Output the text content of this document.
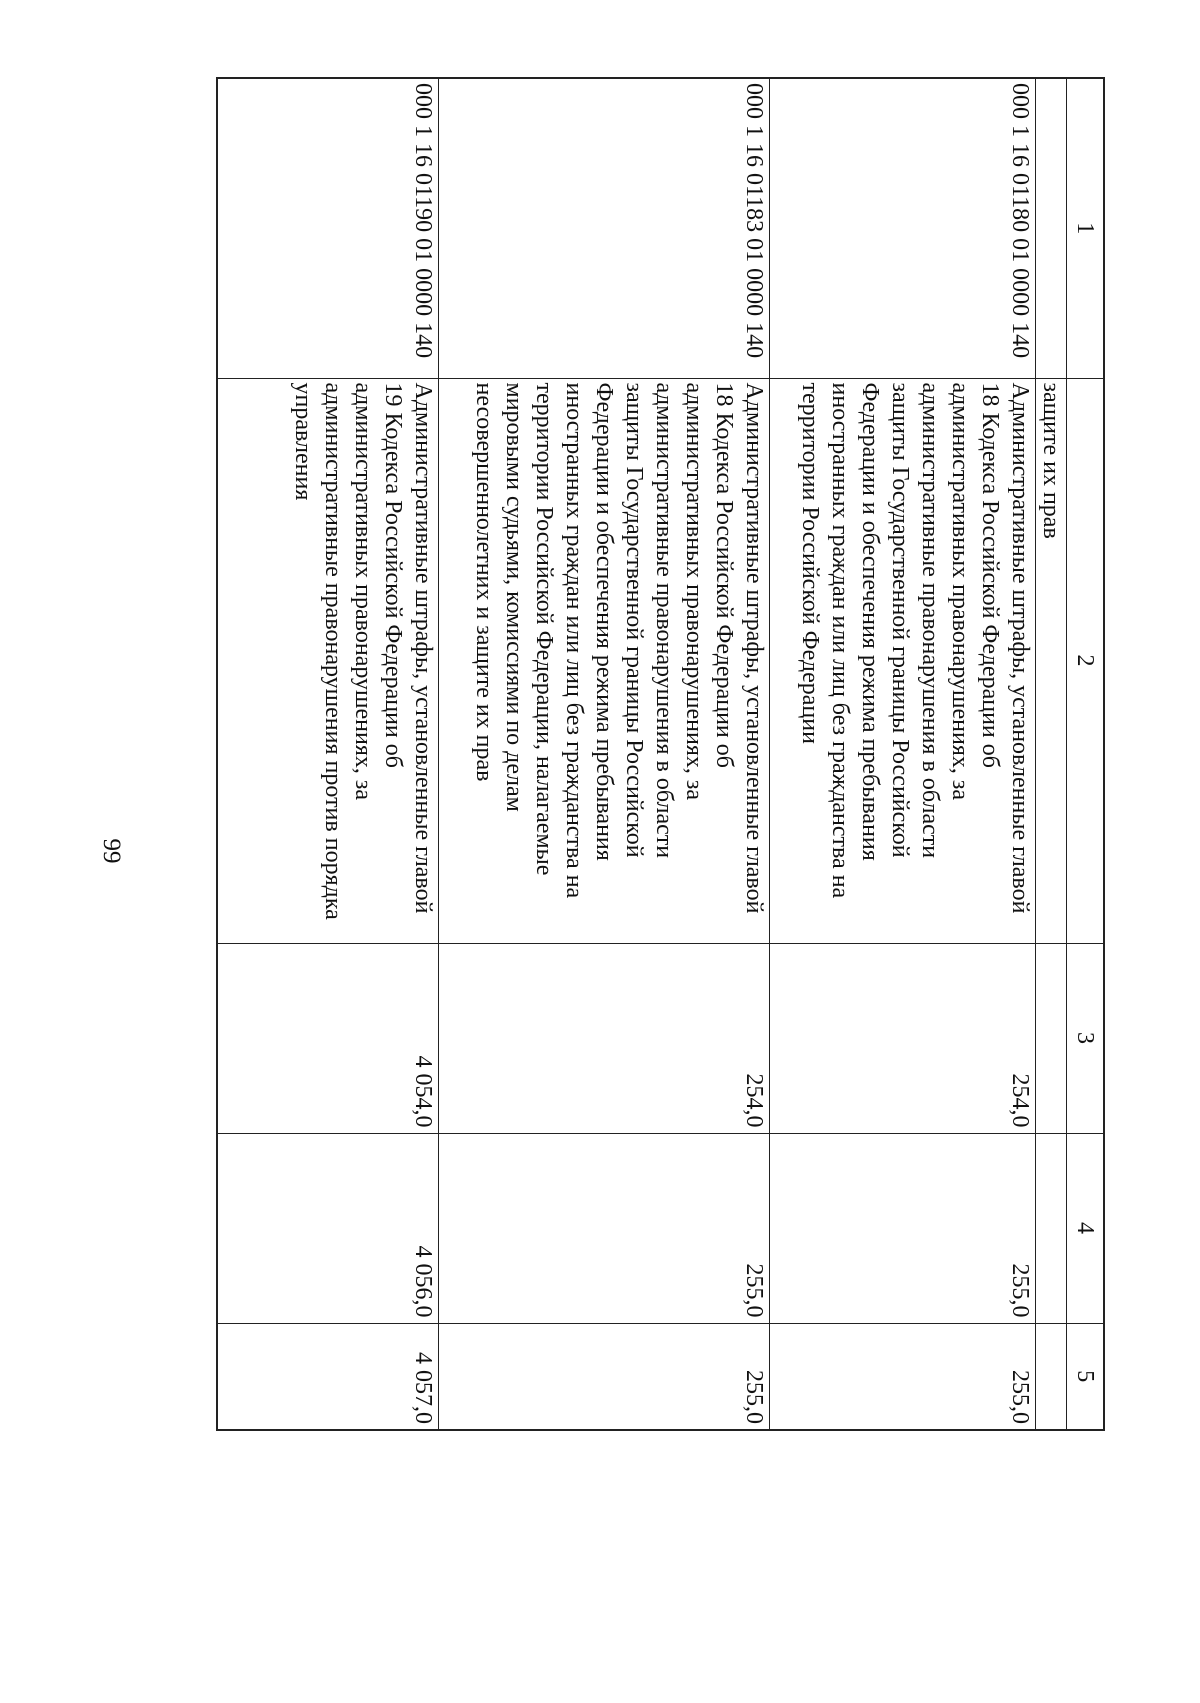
99
1	2	3	4	5
	защите их прав			
000 1 16 01180 01 0000 140	Административные штрафы, установленные главой 18 Кодекса Российской Федерации об административных правонарушениях, за административные правонарушения в области защиты Государственной границы Российской Федерации и обеспечения режима пребывания иностранных граждан или лиц без гражданства на территории Российской Федерации	254,0	255,0	255,0
000 1 16 01183 01 0000 140	Административные штрафы, установленные главой 18 Кодекса Российской Федерации об административных правонарушениях, за административные правонарушения в области защиты Государственной границы Российской Федерации и обеспечения режима пребывания иностранных граждан или лиц без гражданства на территории Российской Федерации, налагаемые мировыми судьями, комиссиями по делам несовершеннолетних и защите их прав	254,0	255,0	255,0
000 1 16 01190 01 0000 140	Административные штрафы, установленные главой 19 Кодекса Российской Федерации об административных правонарушениях, за административные правонарушения против порядка управления	4 054,0	4 056,0	4 057,0
